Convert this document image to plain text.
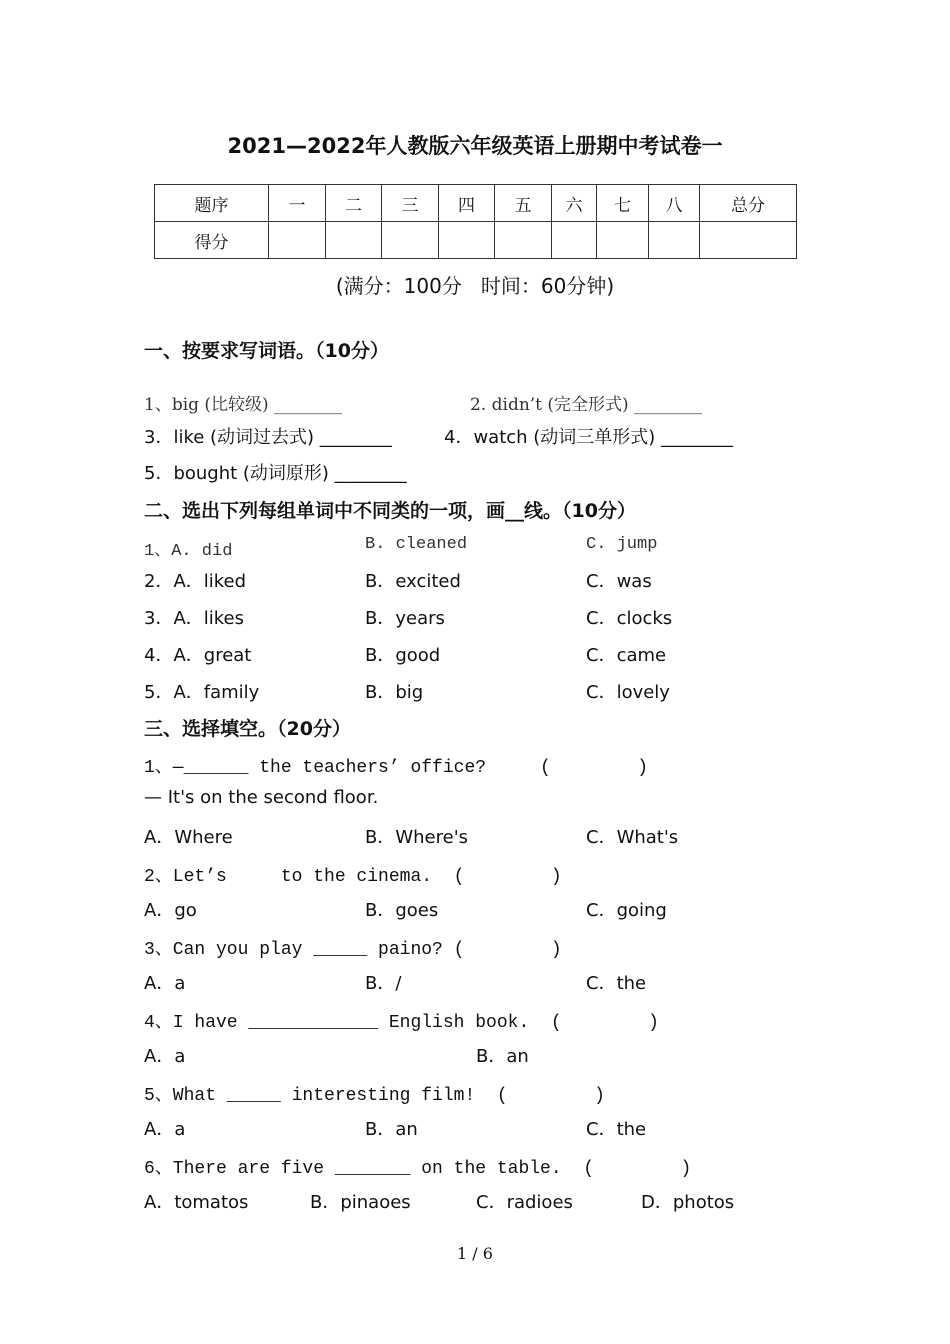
2021—2022年人教版六年级英语上册期中考试卷一
题序	一	二	三	四	五	六	七	八	总分
得分									
(满分：100分   时间：60分钟)
一、按要求写词语。（10分）
1、big (比较级) ________	2. didn’t (完全形式) ________
3．like (动词过去式) ________	4．watch (动词三单形式) ________
5．bought (动词原形) ________
二、选出下列每组单词中不同类的一项，画__线。（10分）
1、A. did	B. cleaned	C. jump
2．A．liked	B．excited	C．was
3．A．likes	B．years	C．clocks
4．A．great	B．good	C．came
5．A．family	B．big	C．lovely
三、选择填空。（20分）
1、—______ the teachers’ office?     (        )
— It's on the second floor.
A．Where	B．Where's	C．What's
2、Let’s     to the cinema.  (        )
A．go	B．goes	C．going
3、Can you play _____ paino? (        )
A．a	B．/	C．the
4、I have ____________ English book.  (        )
A．a	B．an
5、What _____ interesting film!  (        )
A．a	B．an	C．the
6、There are five _______ on the table.  (        )
A．tomatos	B．pinaoes	C．radioes	D．photos
1 / 6
